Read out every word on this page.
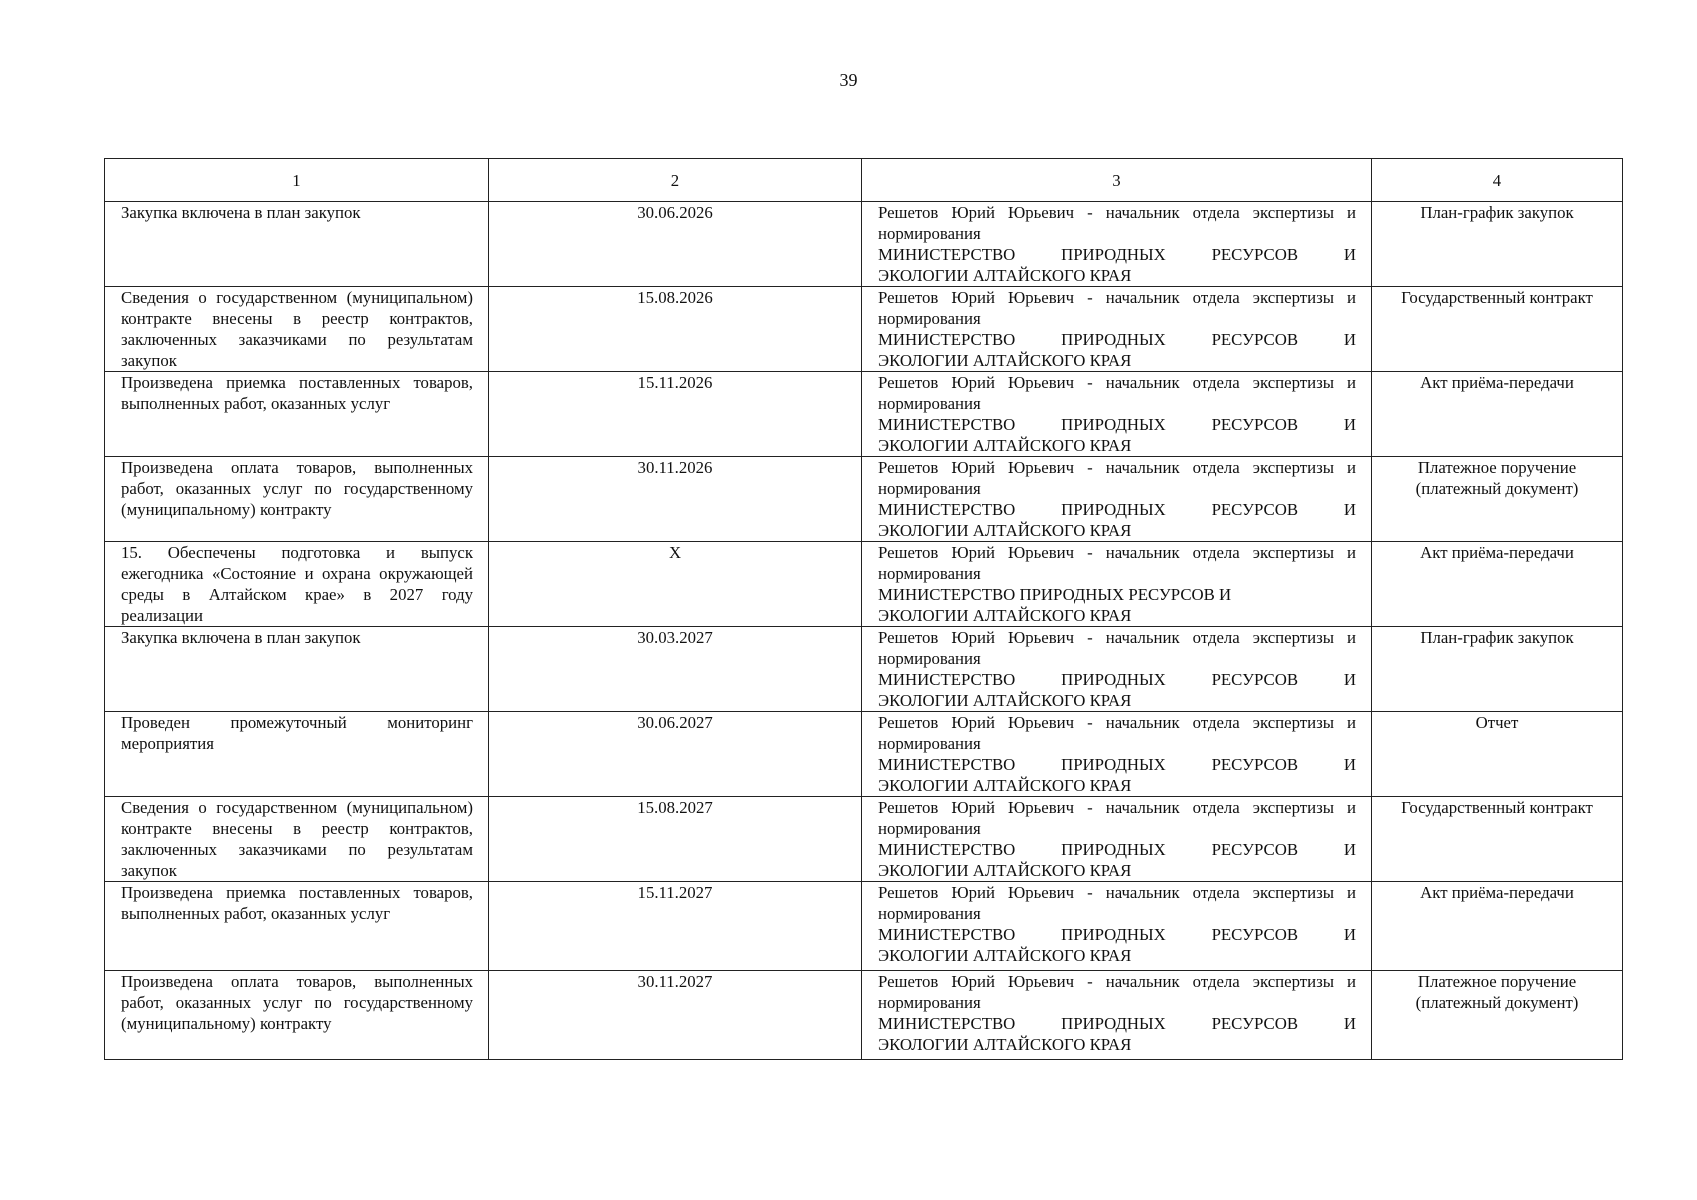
39
1	2	3	4
Закупка включена в план закупок	30.06.2026	Решетов Юрий Юрьевич - начальник отдела экспертизы и нормирования
МИНИСТЕРСТВО ПРИРОДНЫХ РЕСУРСОВ И
ЭКОЛОГИИ АЛТАЙСКОГО КРАЯ	План-график закупок
Сведения о государственном (муниципальном) контракте внесены в реестр контрактов, заключенных заказчиками по результатам закупок	15.08.2026	Решетов Юрий Юрьевич - начальник отдела экспертизы и нормирования
МИНИСТЕРСТВО ПРИРОДНЫХ РЕСУРСОВ И
ЭКОЛОГИИ АЛТАЙСКОГО КРАЯ	Государственный контракт
Произведена приемка поставленных товаров, выполненных работ, оказанных услуг	15.11.2026	Решетов Юрий Юрьевич - начальник отдела экспертизы и нормирования
МИНИСТЕРСТВО ПРИРОДНЫХ РЕСУРСОВ И
ЭКОЛОГИИ АЛТАЙСКОГО КРАЯ	Акт приёма-передачи
Произведена оплата товаров, выполненных работ, оказанных услуг по государственному (муниципальному) контракту	30.11.2026	Решетов Юрий Юрьевич - начальник отдела экспертизы и нормирования
МИНИСТЕРСТВО ПРИРОДНЫХ РЕСУРСОВ И
ЭКОЛОГИИ АЛТАЙСКОГО КРАЯ	Платежное поручение (платежный документ)
15. Обеспечены подготовка и выпуск ежегодника «Состояние и охрана окружающей среды в Алтайском крае» в 2027 году реализации	X	Решетов Юрий Юрьевич - начальник отдела экспертизы и нормирования
МИНИСТЕРСТВО ПРИРОДНЫХ РЕСУРСОВ И
ЭКОЛОГИИ АЛТАЙСКОГО КРАЯ	Акт приёма-передачи
Закупка включена в план закупок	30.03.2027	Решетов Юрий Юрьевич - начальник отдела экспертизы и нормирования
МИНИСТЕРСТВО ПРИРОДНЫХ РЕСУРСОВ И
ЭКОЛОГИИ АЛТАЙСКОГО КРАЯ	План-график закупок
Проведен промежуточный мониторинг мероприятия	30.06.2027	Решетов Юрий Юрьевич - начальник отдела экспертизы и нормирования
МИНИСТЕРСТВО ПРИРОДНЫХ РЕСУРСОВ И
ЭКОЛОГИИ АЛТАЙСКОГО КРАЯ	Отчет
Сведения о государственном (муниципальном) контракте внесены в реестр контрактов, заключенных заказчиками по результатам закупок	15.08.2027	Решетов Юрий Юрьевич - начальник отдела экспертизы и нормирования
МИНИСТЕРСТВО ПРИРОДНЫХ РЕСУРСОВ И
ЭКОЛОГИИ АЛТАЙСКОГО КРАЯ	Государственный контракт
Произведена приемка поставленных товаров, выполненных работ, оказанных услуг	15.11.2027	Решетов Юрий Юрьевич - начальник отдела экспертизы и нормирования
МИНИСТЕРСТВО ПРИРОДНЫХ РЕСУРСОВ И
ЭКОЛОГИИ АЛТАЙСКОГО КРАЯ	Акт приёма-передачи
Произведена оплата товаров, выполненных работ, оказанных услуг по государственному (муниципальному) контракту	30.11.2027	Решетов Юрий Юрьевич - начальник отдела экспертизы и нормирования
МИНИСТЕРСТВО ПРИРОДНЫХ РЕСУРСОВ И
ЭКОЛОГИИ АЛТАЙСКОГО КРАЯ	Платежное поручение (платежный документ)
